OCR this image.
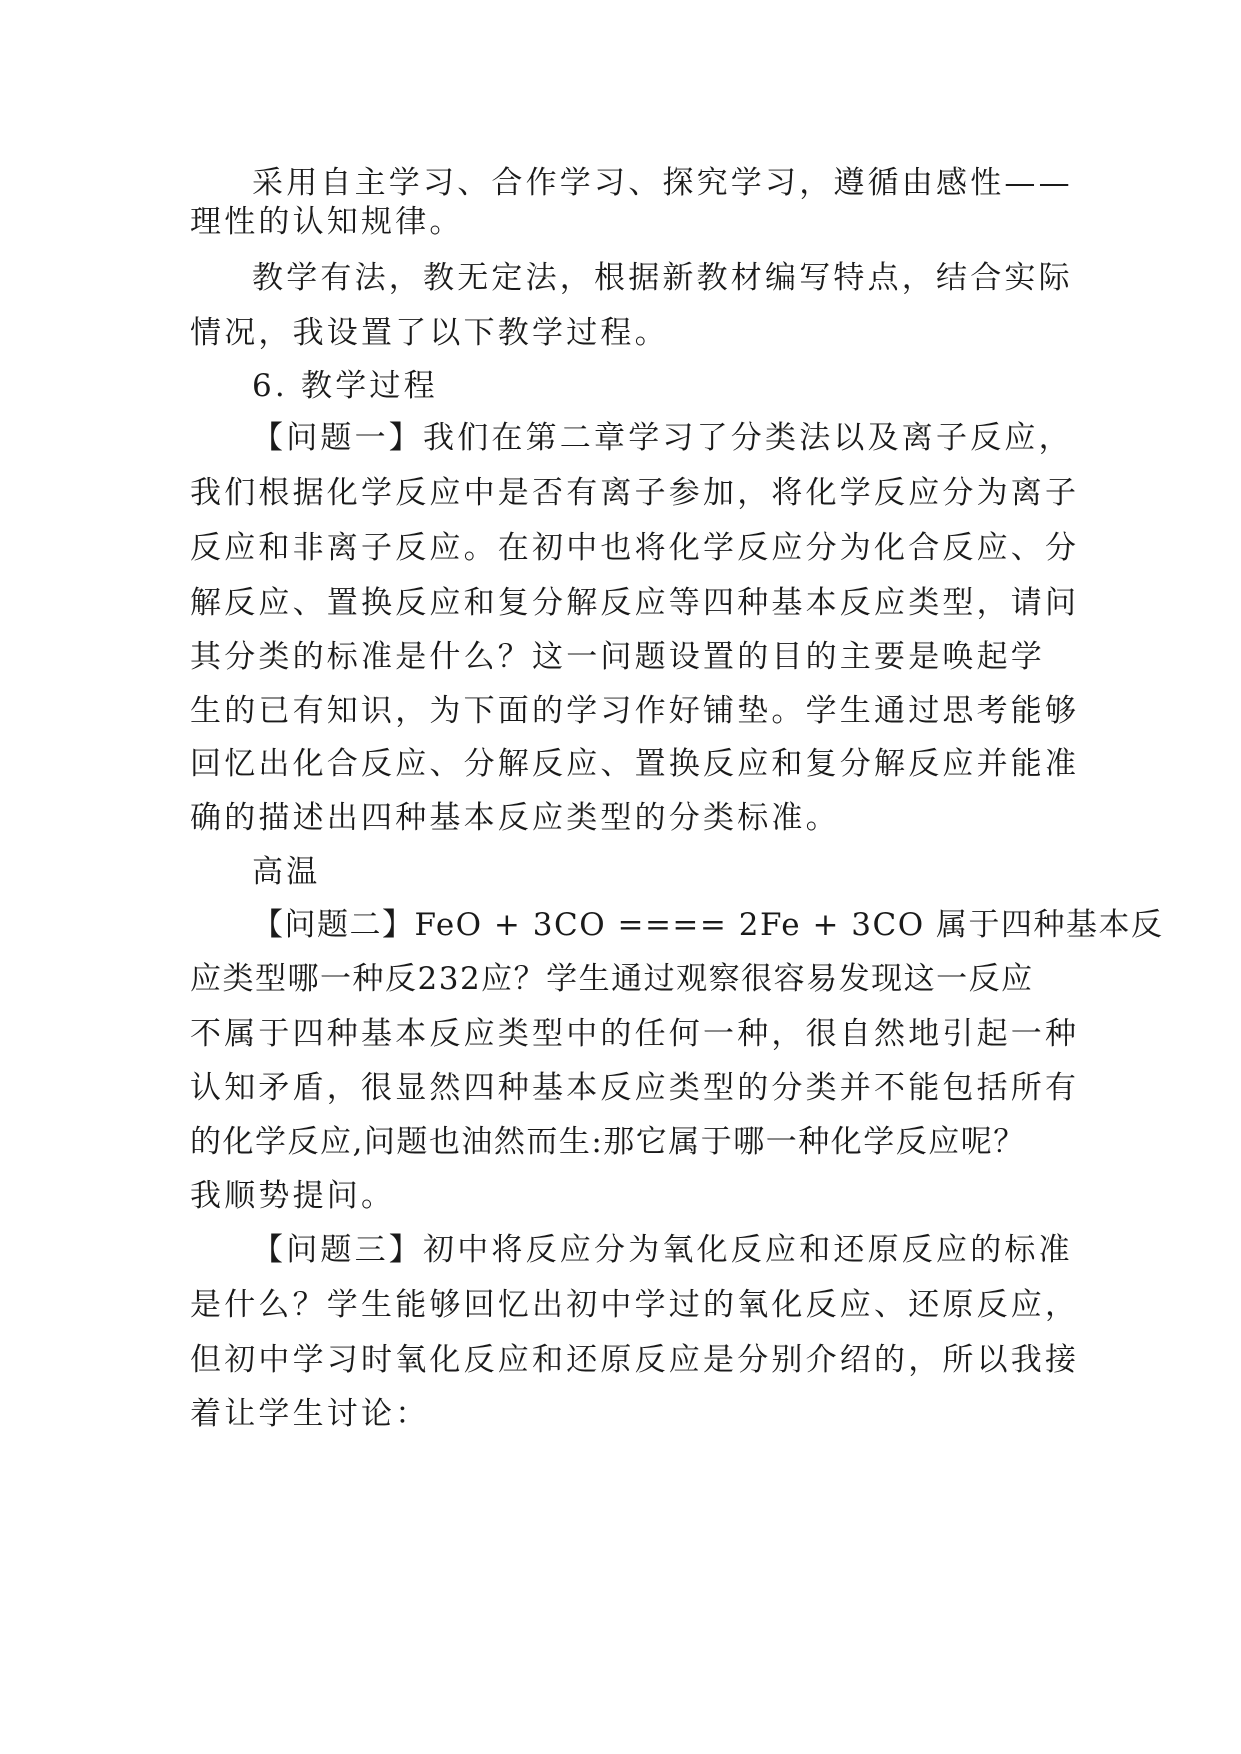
采用自主学习、合作学习、探究学习，遵循由感性——
理性的认知规律。
教学有法，教无定法，根据新教材编写特点，结合实际
情况，我设置了以下教学过程。
6. 教学过程
【问题一】我们在第二章学习了分类法以及离子反应，
我们根据化学反应中是否有离子参加，将化学反应分为离子
反应和非离子反应。在初中也将化学反应分为化合反应、分
解反应、置换反应和复分解反应等四种基本反应类型，请问
其分类的标准是什么？这一问题设置的目的主要是唤起学
生的已有知识，为下面的学习作好铺垫。学生通过思考能够
回忆出化合反应、分解反应、置换反应和复分解反应并能准
确的描述出四种基本反应类型的分类标准。
高温
【问题二】FeO + 3CO ==== 2Fe + 3CO 属于四种基本反
应类型哪一种反232应？学生通过观察很容易发现这一反应
不属于四种基本反应类型中的任何一种，很自然地引起一种
认知矛盾，很显然四种基本反应类型的分类并不能包括所有
的化学反应,问题也油然而生:那它属于哪一种化学反应呢？
我顺势提问。
【问题三】初中将反应分为氧化反应和还原反应的标准
是什么？学生能够回忆出初中学过的氧化反应、还原反应，
但初中学习时氧化反应和还原反应是分别介绍的，所以我接
着让学生讨论：
